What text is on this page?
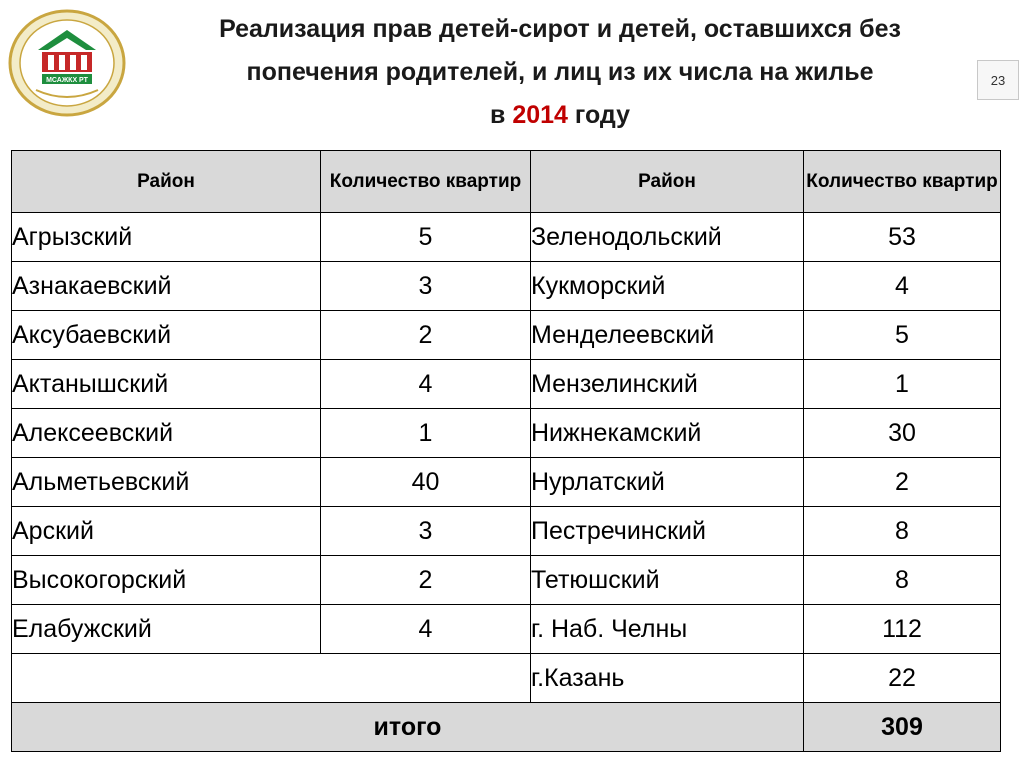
МСАЖКХ РТ
Реализация прав детей-сирот и детей, оставшихся без
попечения родителей, и лиц из их числа на жилье
в 2014 году
23
Район	Количество квартир	Район	Количество квартир
Агрызский	5	Зеленодольский	53
Азнакаевский	3	Кукморский	4
Аксубаевский	2	Менделеевский	5
Актанышский	4	Мензелинский	1
Алексеевский	1	Нижнекамский	30
Альметьевский	40	Нурлатский	2
Арский	3	Пестречинский	8
Высокогорский	2	Тетюшский	8
Елабужский	4	г. Наб. Челны	112
		г.Казань	22
итого			309
